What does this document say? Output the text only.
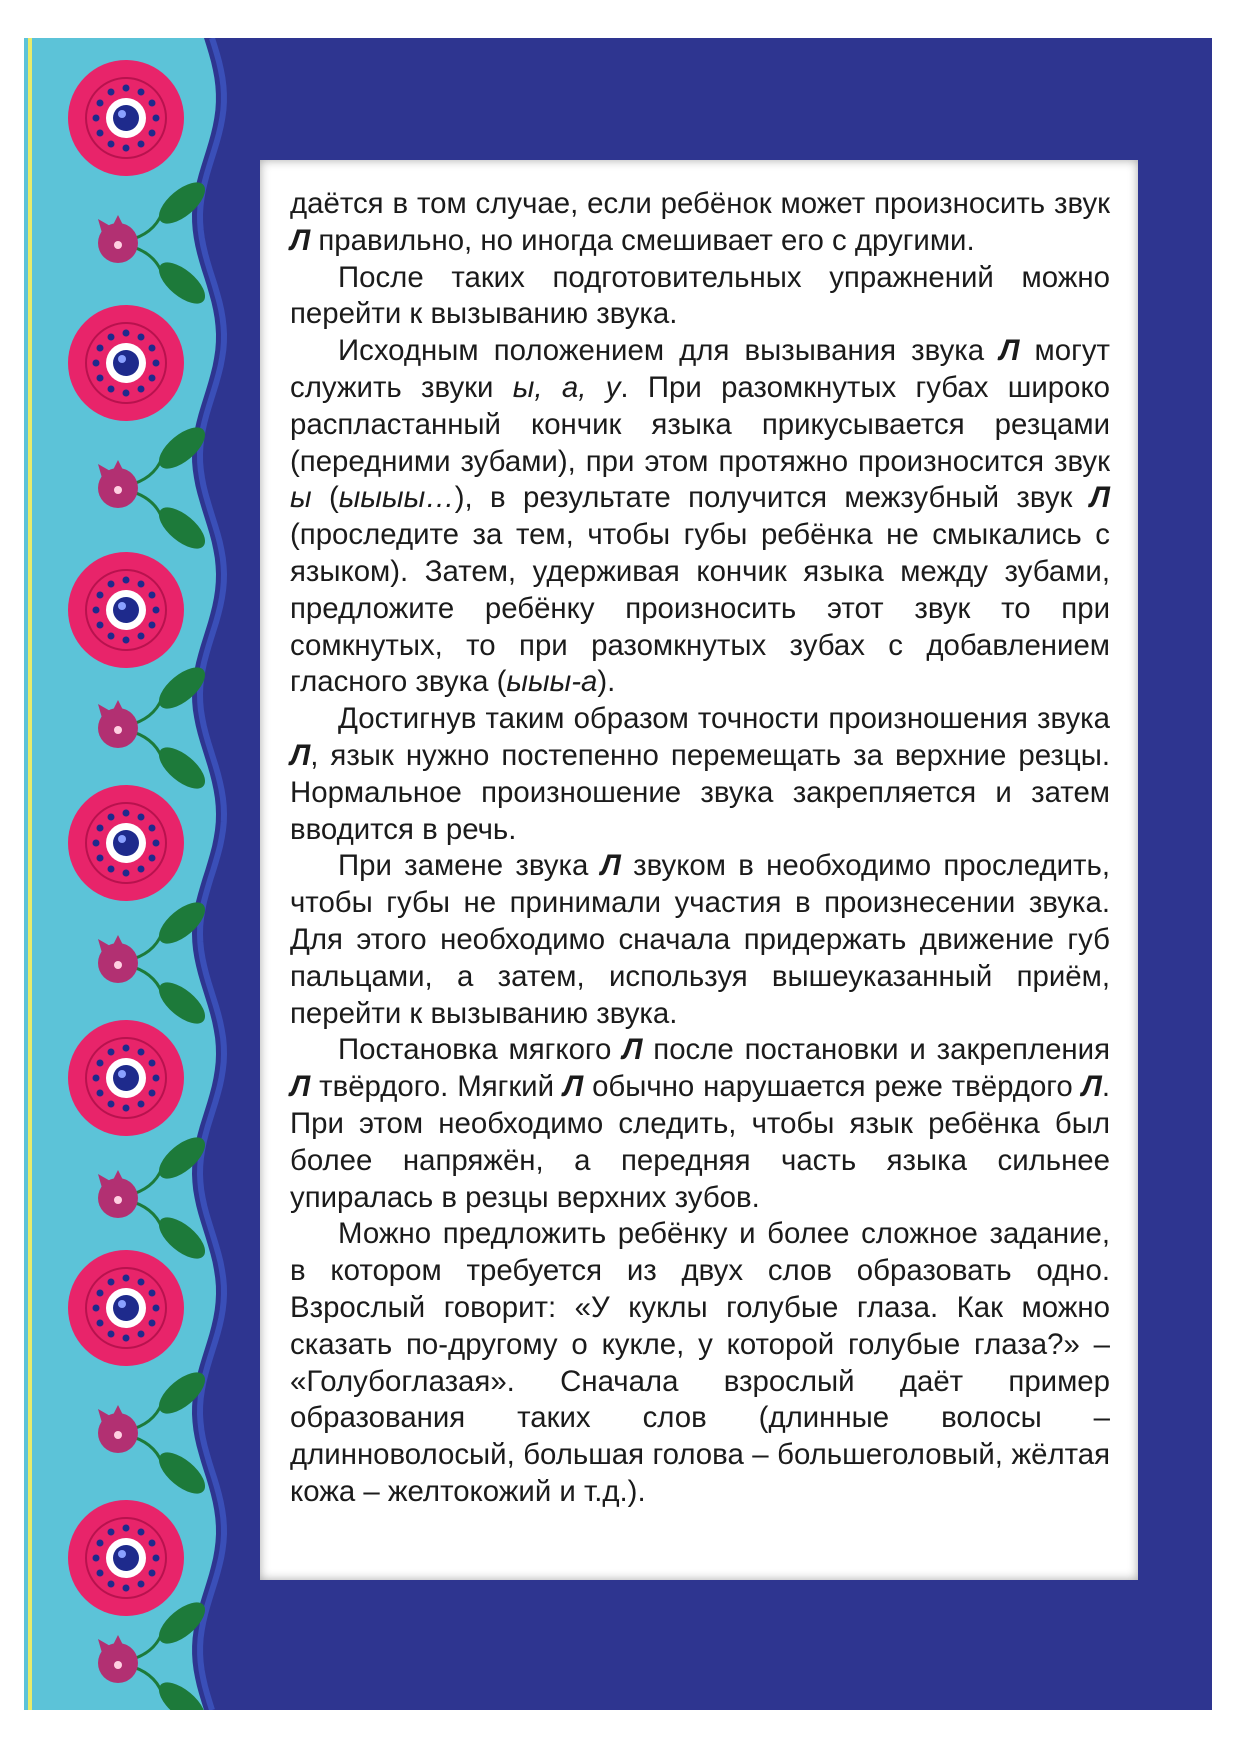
даётся в том случае, если ребёнок может произносить звук Л правильно, но иногда смешивает его с другими.

После таких подготовительных упражнений можно перейти к вызыванию звука.

Исходным положением для вызывания звука Л могут служить звуки ы, а, у. При разомкнутых губах широко распластанный кончик языка прикусывается резцами (передними зубами), при этом протяжно произносится звук ы (ыыыы…), в результате получится межзубный звук Л (проследите за тем, чтобы губы ребёнка не смыкались с языком). Затем, удерживая кончик языка между зубами, предложите ребёнку произносить этот звук то при сомкнутых, то при разомкнутых зубах с добавлением гласного звука (ыыы-а).

Достигнув таким образом точности произношения звука Л, язык нужно постепенно перемещать за верхние резцы. Нормальное произношение звука закрепляется и затем вводится в речь.

При замене звука Л звуком в необходимо проследить, чтобы губы не принимали участия в произнесении звука. Для этого необходимо сначала придержать движение губ пальцами, а затем, используя вышеуказанный приём, перейти к вызыванию звука.

Постановка мягкого Л после постановки и закрепления Л твёрдого. Мягкий Л обычно нарушается реже твёрдого Л. При этом необходимо следить, чтобы язык ребёнка был более напряжён, а передняя часть языка сильнее упиралась в резцы верхних зубов.

Можно предложить ребёнку и более сложное задание, в котором требуется из двух слов образовать одно. Взрослый говорит: «У куклы голубые глаза. Как можно сказать по-другому о кукле, у которой голубые глаза?» – «Голубоглазая». Сначала взрослый даёт пример образования таких слов (длинные волосы – длинноволосый, большая голова – большеголовый, жёлтая кожа – желтокожий и т.д.).
